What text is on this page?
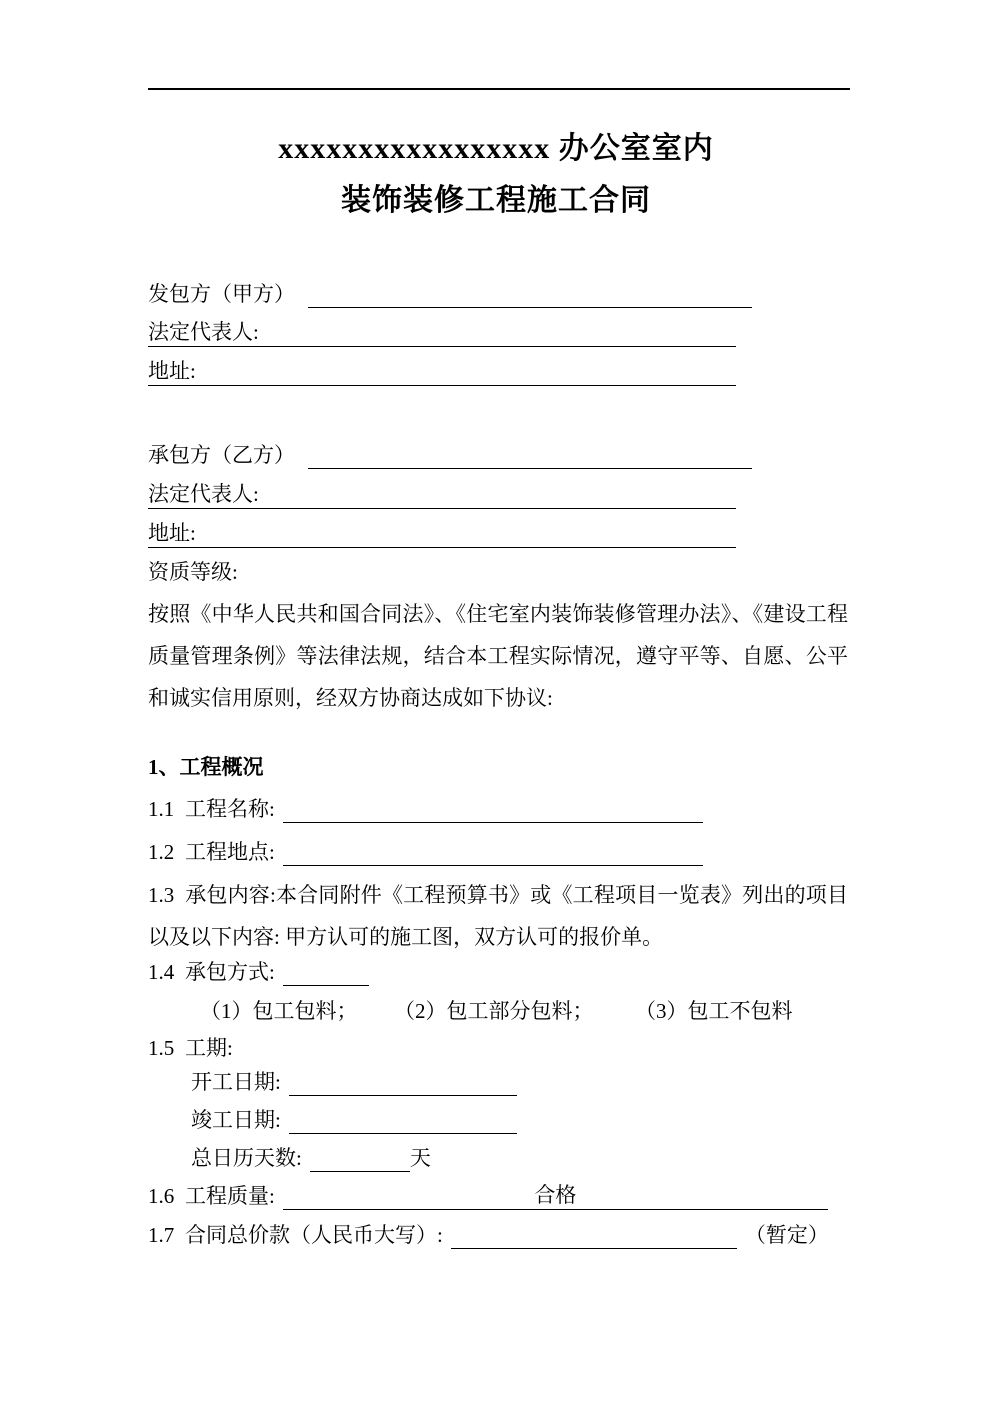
xxxxxxxxxxxxxxxxx 办公室室内
装饰装修工程施工合同
发包方（甲方）
法定代表人:
地址:
承包方（乙方）
法定代表人:
地址:
资质等级:
按照《中华人民共和国合同法》、《住宅室内装饰装修管理办法》、《建设工程质量管理条例》等法律法规，结合本工程实际情况，遵守平等、自愿、公平和诚实信用原则，经双方协商达成如下协议:
1、工程概况
1.1 工程名称:
1.2 工程地点:
1.3 承包内容:本合同附件《工程预算书》或《工程项目一览表》列出的项目以及以下内容: 甲方认可的施工图，双方认可的报价单。
1.4 承包方式:
（1）包工包料； （2）包工部分包料； （3）包工不包料
1.5 工期:
开工日期:
竣工日期:
总日历天数:	天
1.6 工程质量:	合格
1.7 合同总价款（人民币大写）:	（暂定）
